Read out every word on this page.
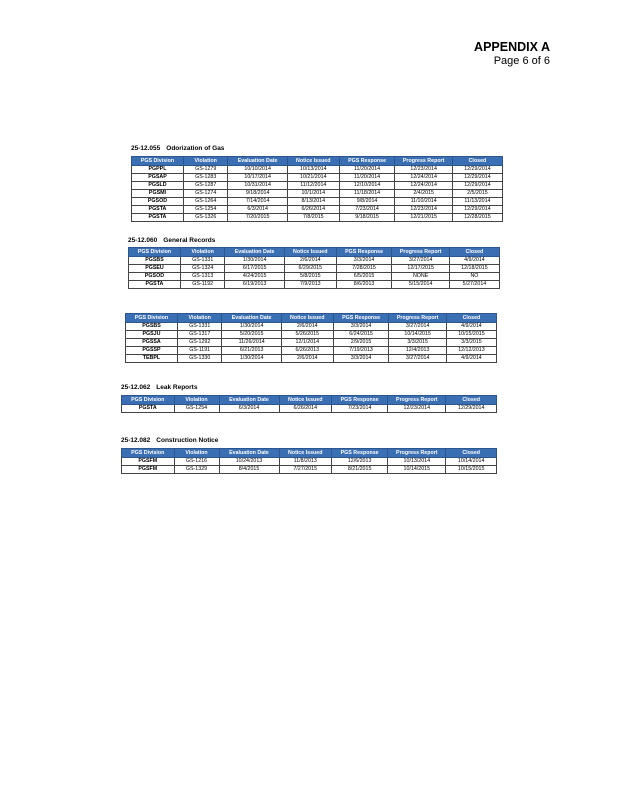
APPENDIX A
Page 6 of 6
25-12.055 Odorization of Gas
PGS Division	Violation	Evaluation Date	Notice Issued	PGS Response	Progress Report	Closed
PGPPL	GS-1279	10/10/2014	10/13/2014	11/20/2014	12/23/2014	12/29/2014
PGSAP	GS-1283	10/17/2014	10/21/2014	11/20/2014	12/24/2014	12/29/2014
PGSLD	GS-1287	10/31/2014	11/12/2014	12/10/2014	12/24/2014	12/29/2014
PGSMI	GS-1274	9/18/2014	10/1/2014	11/18/2014	2/4/2015	2/5/2015
PGSOD	GS-1264	7/14/2014	8/13/2014	9/8/2014	11/10/2014	11/13/2014
PGSTA	GS-1254	6/3/2014	6/26/2014	7/23/2014	12/23/2014	12/29/2014
PGSTA	GS-1326	7/20/2015	7/8/2015	9/18/2015	12/21/2015	12/28/2015
25-12.060 General Records
PGS Division	Violation	Evaluation Date	Notice Issued	PGS Response	Progress Report	Closed
PGSBS	GS-1331	1/30/2014	2/6/2014	3/3/2014	3/27/2014	4/9/2014
PGSEU	GS-1324	6/17/2015	6/29/2015	7/28/2015	12/17/2015	12/18/2015
PGSOD	GS-1313	4/24/2015	5/8/2015	6/5/2015	NONE	NO
PGSTA	GS-1192	6/19/2013	7/9/2013	8/6/2013	5/15/2014	5/27/2014
PGS Division	Violation	Evaluation Date	Notice Issued	PGS Response	Progress Report	Closed
PGSBS	GS-1331	1/30/2014	2/6/2014	3/3/2014	3/27/2014	4/9/2014
PGSJU	GS-1317	5/20/2015	5/26/2015	6/24/2015	10/14/2015	10/15/2015
PGSSA	GS-1292	11/26/2014	12/1/2014	2/9/2015	3/3/2015	3/3/2015
PGSSP	GS-1191	6/21/2013	6/26/2013	7/19/2013	12/4/2013	12/12/2013
TEBPL	GS-1330	1/30/2014	2/6/2014	3/3/2014	3/27/2014	4/9/2014
25-12.062 Leak Reports
PGS Division	Violation	Evaluation Date	Notice Issued	PGS Response	Progress Report	Closed
PGSTA	GS-1254	6/3/2014	6/26/2014	7/23/2014	12/23/2014	12/29/2014
25-12.082 Construction Notice
PGS Division	Violation	Evaluation Date	Notice Issued	PGS Response	Progress Report	Closed
PGSFM	GS-1216	10/24/2013	11/8/2013	12/6/2013	10/13/2014	10/14/2014
PGSFM	GS-1329	8/4/2015	7/27/2015	8/21/2015	10/14/2015	10/15/2015
